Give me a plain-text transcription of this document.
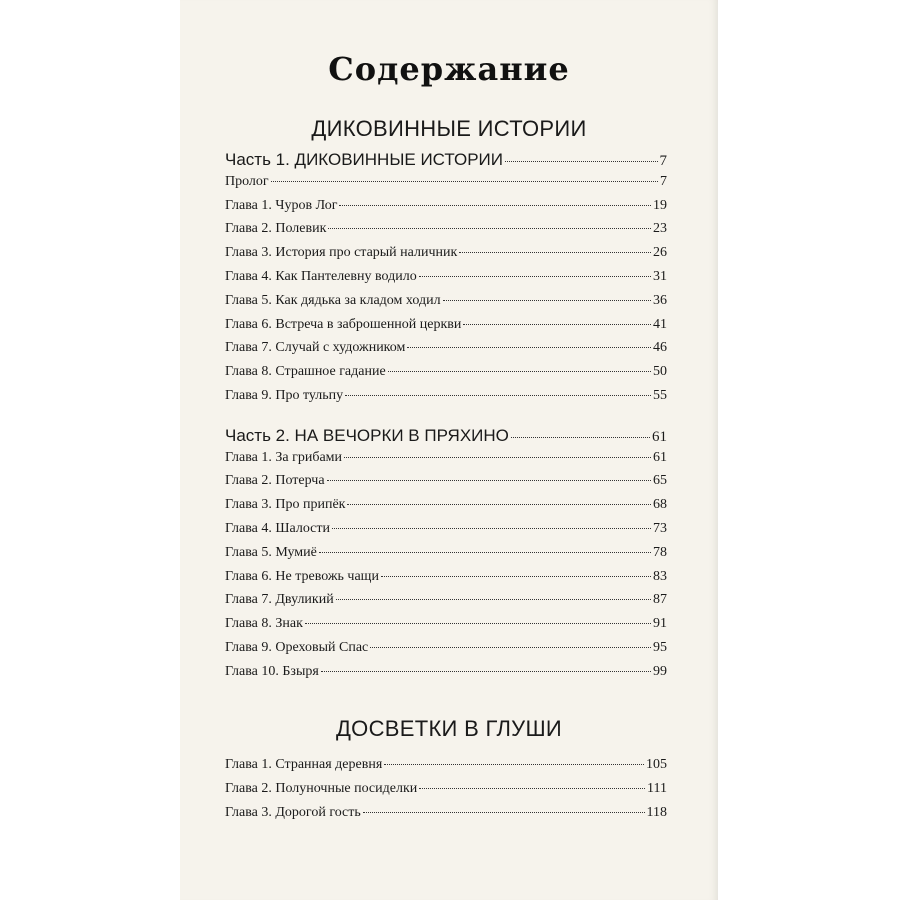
Содержание
ДИКОВИННЫЕ ИСТОРИИ
Часть 1. ДИКОВИННЫЕ ИСТОРИИ	7
Пролог	7
Глава 1. Чуров Лог	19
Глава 2. Полевик	23
Глава 3. История про старый наличник	26
Глава 4. Как Пантелевну водило	31
Глава 5. Как дядька за кладом ходил	36
Глава 6. Встреча в заброшенной церкви	41
Глава 7. Случай с художником	46
Глава 8. Страшное гадание	50
Глава 9. Про тульпу	55
Часть 2. НА ВЕЧОРКИ В ПРЯХИНО	61
Глава 1. За грибами	61
Глава 2. Потерча	65
Глава 3. Про припёк	68
Глава 4. Шалости	73
Глава 5. Мумиё	78
Глава 6. Не тревожь чащи	83
Глава 7. Двуликий	87
Глава 8. Знак	91
Глава 9. Ореховый Спас	95
Глава 10. Бзыря	99
ДОСВЕТКИ В ГЛУШИ
Глава 1. Странная деревня	105
Глава 2. Полуночные посиделки	111
Глава 3. Дорогой гость	118
